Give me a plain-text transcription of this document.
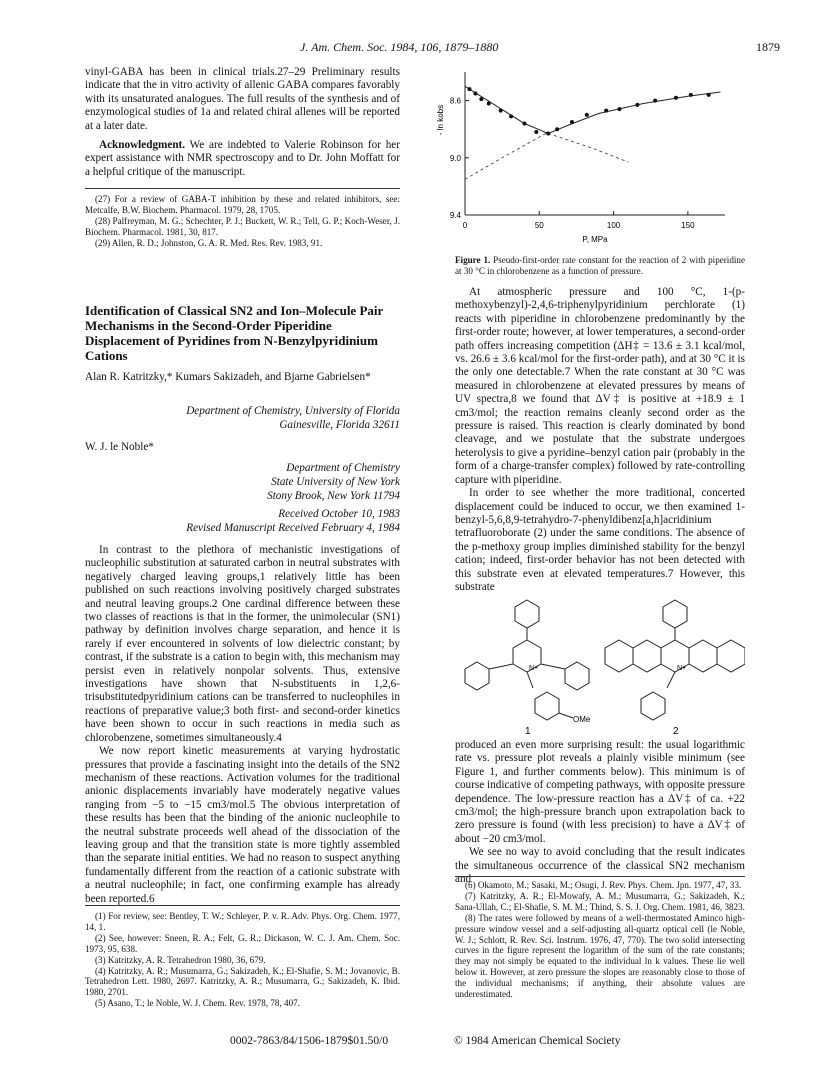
J. Am. Chem. Soc. 1984, 106, 1879–1880	1879

vinyl-GABA has been in clinical trials.27–29 Preliminary results indicate that the in vitro activity of allenic GABA compares favorably with its unsaturated analogues. The full results of the synthesis and of enzymological studies of 1a and related chiral allenes will be reported at a later date.

Acknowledgment. We are indebted to Valerie Robinson for her expert assistance with NMR spectroscopy and to Dr. John Moffatt for a helpful critique of the manuscript.

(27) For a review of GABA-T inhibition by these and related inhibitors, see: Metcalfe, B.W. Biochem. Pharmacol. 1979, 28, 1705.

(28) Palfreyman, M. G.; Schechter, P. J.; Buckett, W. R.; Tell, G. P.; Koch-Weser, J. Biochem. Pharmacol. 1981, 30, 817.

(29) Allen, R. D.; Johnston, G. A. R. Med. Res. Rev. 1983, 91.

Identification of Classical SN2 and Ion–Molecule Pair Mechanisms in the Second-Order Piperidine Displacement of Pyridines from N-Benzylpyridinium Cations
Alan R. Katritzky,* Kumars Sakizadeh, and Bjarne Gabrielsen*
Department of Chemistry, University of Florida
Gainesville, Florida 32611
W. J. le Noble*
Department of Chemistry
State University of New York
Stony Brook, New York 11794
Received October 10, 1983
Revised Manuscript Received February 4, 1984

In contrast to the plethora of mechanistic investigations of nucleophilic substitution at saturated carbon in neutral substrates with negatively charged leaving groups,1 relatively little has been published on such reactions involving positively charged substrates and neutral leaving groups.2 One cardinal difference between these two classes of reactions is that in the former, the unimolecular (SN1) pathway by definition involves charge separation, and hence it is rarely if ever encountered in solvents of low dielectric constant; by contrast, if the substrate is a cation to begin with, this mechanism may persist even in relatively nonpolar solvents. Thus, extensive investigations have shown that N-substituents in 1,2,6-trisubstitutedpyridinium cations can be transferred to nucleophiles in reactions of preparative value;3 both first- and second-order kinetics have been shown to occur in such reactions in media such as chlorobenzene, sometimes simultaneously.4

We now report kinetic measurements at varying hydrostatic pressures that provide a fascinating insight into the details of the SN2 mechanism of these reactions. Activation volumes for the traditional anionic displacements invariably have moderately negative values ranging from −5 to −15 cm3/mol.5 The obvious interpretation of these results has been that the binding of the anionic nucleophile to the neutral substrate proceeds well ahead of the dissociation of the leaving group and that the transition state is more tightly assembled than the separate initial entities. We had no reason to suspect anything fundamentally different from the reaction of a cationic substrate with a neutral nucleophile; in fact, one confirming example has already been reported.6

(1) For review, see: Bentley, T. W.; Schleyer, P. v. R. Adv. Phys. Org. Chem. 1977, 14, 1.

(2) See, however: Sneen, R. A.; Felt, G. R.; Dickason, W. C. J. Am. Chem. Soc. 1973, 95, 638.

(3) Katritzky, A. R. Tetrahedron 1980, 36, 679.

(4) Katritzky, A. R.; Musumarra, G.; Sakizadeh, K.; El-Shafie, S. M.; Jovanovic, B. Tetrahedron Lett. 1980, 2697. Katritzky, A. R.; Musumarra, G.; Sakizadeh, K. Ibid. 1980, 2701.

(5) Asano, T.; le Noble, W. J. Chem. Rev. 1978, 78, 407.

0	50	100	150
8.6
9.0
9.4
- ln kobs
P, MPa
Figure 1. Pseudo-first-order rate constant for the reaction of 2 with piperidine at 30 °C in chlorobenzene as a function of pressure.

At atmospheric pressure and 100 °C, 1-(p-methoxybenzyl)-2,4,6-triphenylpyridinium perchlorate (1) reacts with piperidine in chlorobenzene predominantly by the first-order route; however, at lower temperatures, a second-order path offers increasing competition (ΔH‡ = 13.6 ± 3.1 kcal/mol, vs. 26.6 ± 3.6 kcal/mol for the first-order path), and at 30 °C it is the only one detectable.7 When the rate constant at 30 °C was measured in chlorobenzene at elevated pressures by means of UV spectra,8 we found that ΔV‡ is positive at +18.9 ± 1 cm3/mol; the reaction remains cleanly second order as the pressure is raised. This reaction is clearly dominated by bond cleavage, and we postulate that the substrate undergoes heterolysis to give a pyridine–benzyl cation pair (probably in the form of a charge-transfer complex) followed by rate-controlling capture with piperidine.

In order to see whether the more traditional, concerted displacement could be induced to occur, we then examined 1-benzyl-5,6,8,9-tetrahydro-7-phenyldibenz[a,h]acridinium tetrafluoroborate (2) under the same conditions. The absence of the p-methoxy group implies diminished stability for the benzyl cation; indeed, first-order behavior has not been detected with this substrate even at elevated temperatures.7 However, this substrate

N+
OMe
1
N+
2

produced an even more surprising result: the usual logarithmic rate vs. pressure plot reveals a plainly visible minimum (see Figure 1, and further comments below). This minimum is of course indicative of competing pathways, with opposite pressure dependence. The low-pressure reaction has a ΔV‡ of ca. +22 cm3/mol; the high-pressure branch upon extrapolation back to zero pressure is found (with less precision) to have a ΔV‡ of about −20 cm3/mol.

We see no way to avoid concluding that the result indicates the simultaneous occurrence of the classical SN2 mechanism and

(6) Okamoto, M.; Sasaki, M.; Osugi, J. Rev. Phys. Chem. Jpn. 1977, 47, 33.

(7) Katritzky, A. R.; El-Mowafy, A. M.; Musumarra, G.; Sakizadeh, K.; Sana-Ullah, C.; El-Shafie, S. M. M.; Thind, S. S. J. Org. Chem. 1981, 46, 3823.

(8) The rates were followed by means of a well-thermostated Aminco high-pressure window vessel and a self-adjusting all-quartz optical cell (le Noble, W. J.; Schlott, R. Rev. Sci. Instrum. 1976, 47, 770). The two solid intersecting curves in the figure represent the logarithm of the sum of the rate constants; they may not simply be equated to the individual ln k values. These lie well below it. However, at zero pressure the slopes are reasonably close to those of the individual mechanisms; if anything, their absolute values are underestimated.

0002-7863/84/1506-1879$01.50/0	© 1984 American Chemical Society
